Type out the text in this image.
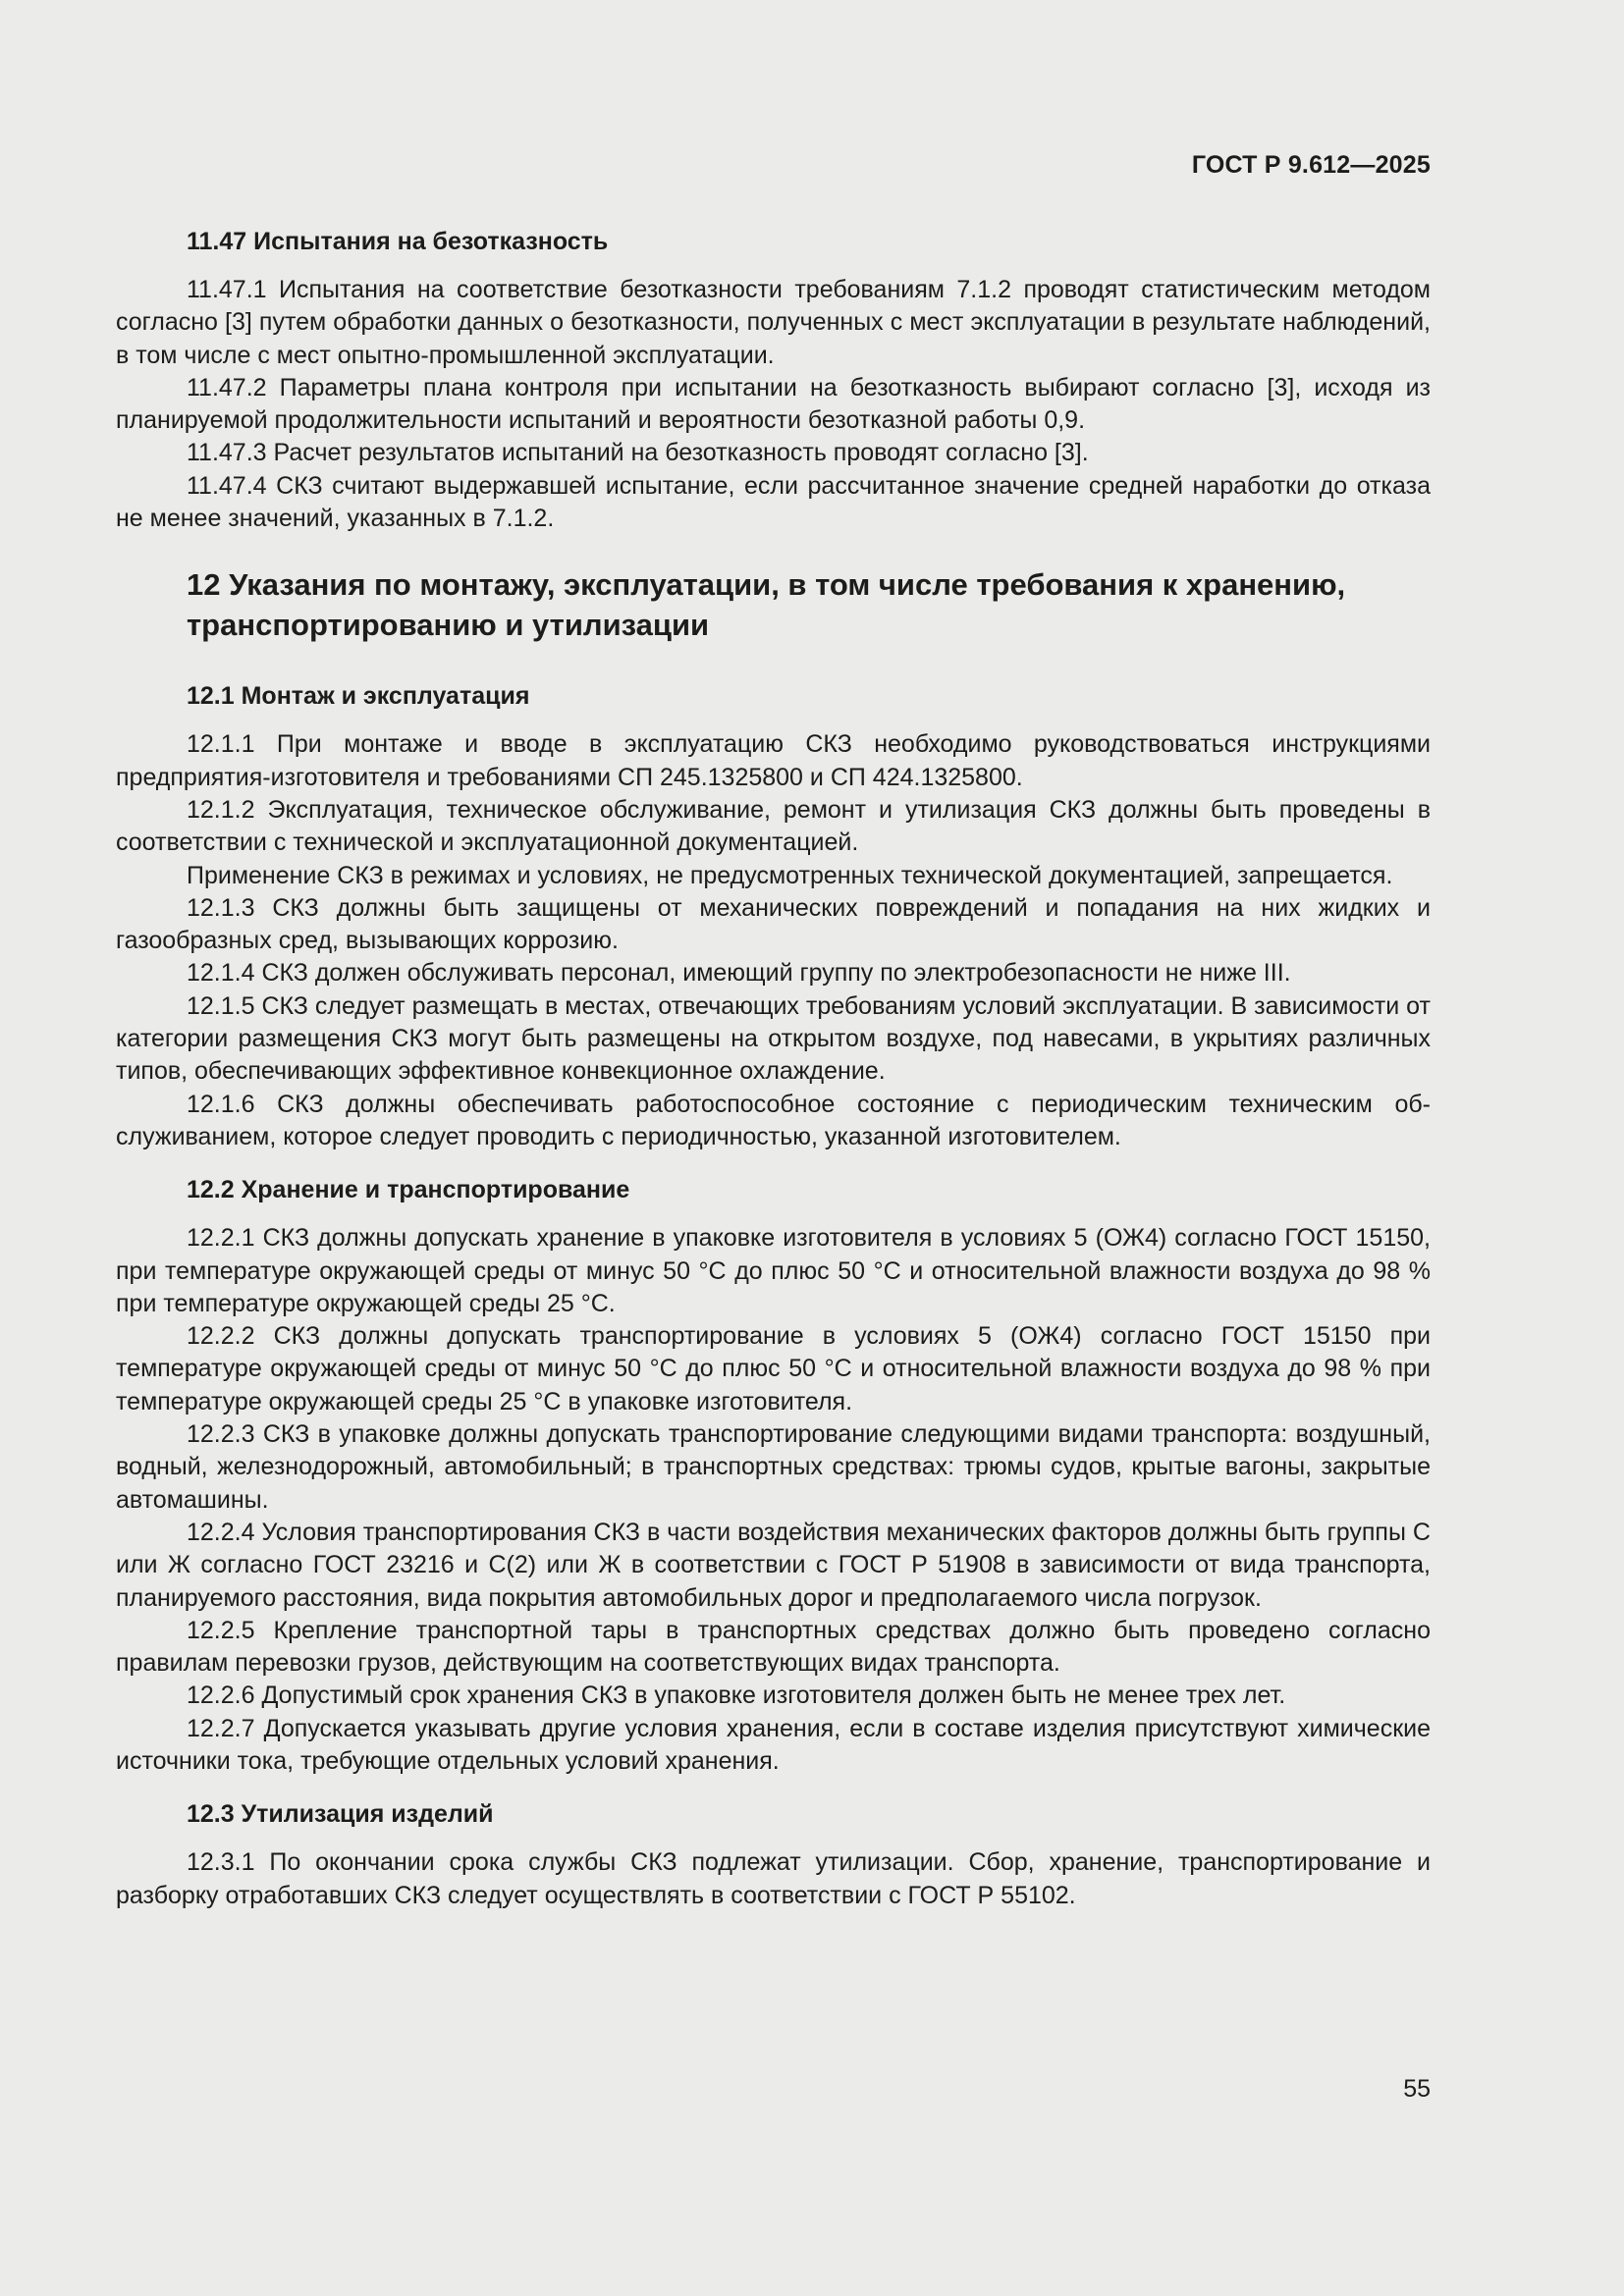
ГОСТ Р 9.612—2025
11.47 Испытания на безотказность

11.47.1 Испытания на соответствие безотказности требованиям 7.1.2 проводят статистическим методом согласно [3] путем обработки данных о безотказности, полученных с мест эксплуатации в результате наблюдений, в том числе с мест опытно-промышленной эксплуатации.

11.47.2 Параметры плана контроля при испытании на безотказность выбирают согласно [3], исходя из планируемой продолжительности испытаний и вероятности безотказной работы 0,9.

11.47.3 Расчет результатов испытаний на безотказность проводят согласно [3].

11.47.4 СКЗ считают выдержавшей испытание, если рассчитанное значение средней наработки до отказа не менее значений, указанных в 7.1.2.

12 Указания по монтажу, эксплуатации, в том числе требования к хранению, транспортированию и утилизации
12.1 Монтаж и эксплуатация

12.1.1 При монтаже и вводе в эксплуатацию СКЗ необходимо руководствоваться инструкциями предприятия-изготовителя и требованиями СП 245.1325800 и СП 424.1325800.

12.1.2 Эксплуатация, техническое обслуживание, ремонт и утилизация СКЗ должны быть проведены в соответствии с технической и эксплуатационной документацией.

Применение СКЗ в режимах и условиях, не предусмотренных технической документацией, запрещается.

12.1.3 СКЗ должны быть защищены от механических повреждений и попадания на них жидких и газообразных сред, вызывающих коррозию.

12.1.4 СКЗ должен обслуживать персонал, имеющий группу по электробезопасности не ниже III.

12.1.5 СКЗ следует размещать в местах, отвечающих требованиям условий эксплуатации. В зависимости от категории размещения СКЗ могут быть размещены на открытом воздухе, под навесами, в укрытиях различных типов, обеспечивающих эффективное конвекционное охлаждение.

12.1.6 СКЗ должны обеспечивать работоспособное состояние с периодическим техническим обслуживанием, которое следует проводить с периодичностью, указанной изготовителем.

12.2 Хранение и транспортирование

12.2.1 СКЗ должны допускать хранение в упаковке изготовителя в условиях 5 (ОЖ4) согласно ГОСТ 15150, при температуре окружающей среды от минус 50 °С до плюс 50 °С и относительной влажности воздуха до 98 % при температуре окружающей среды 25 °С.

12.2.2 СКЗ должны допускать транспортирование в условиях 5 (ОЖ4) согласно ГОСТ 15150 при температуре окружающей среды от минус 50 °С до плюс 50 °С и относительной влажности воздуха до 98 % при температуре окружающей среды 25 °С в упаковке изготовителя.

12.2.3 СКЗ в упаковке должны допускать транспортирование следующими видами транспорта: воздушный, водный, железнодорожный, автомобильный; в транспортных средствах: трюмы судов, крытые вагоны, закрытые автомашины.

12.2.4 Условия транспортирования СКЗ в части воздействия механических факторов должны быть группы С или Ж согласно ГОСТ 23216 и С(2) или Ж в соответствии с ГОСТ Р 51908 в зависимости от вида транспорта, планируемого расстояния, вида покрытия автомобильных дорог и предполагаемого числа погрузок.

12.2.5 Крепление транспортной тары в транспортных средствах должно быть проведено согласно правилам перевозки грузов, действующим на соответствующих видах транспорта.

12.2.6 Допустимый срок хранения СКЗ в упаковке изготовителя должен быть не менее трех лет.

12.2.7 Допускается указывать другие условия хранения, если в составе изделия присутствуют химические источники тока, требующие отдельных условий хранения.

12.3 Утилизация изделий

12.3.1 По окончании срока службы СКЗ подлежат утилизации. Сбор, хранение, транспортирование и разборку отработавших СКЗ следует осуществлять в соответствии с ГОСТ Р 55102.

55
